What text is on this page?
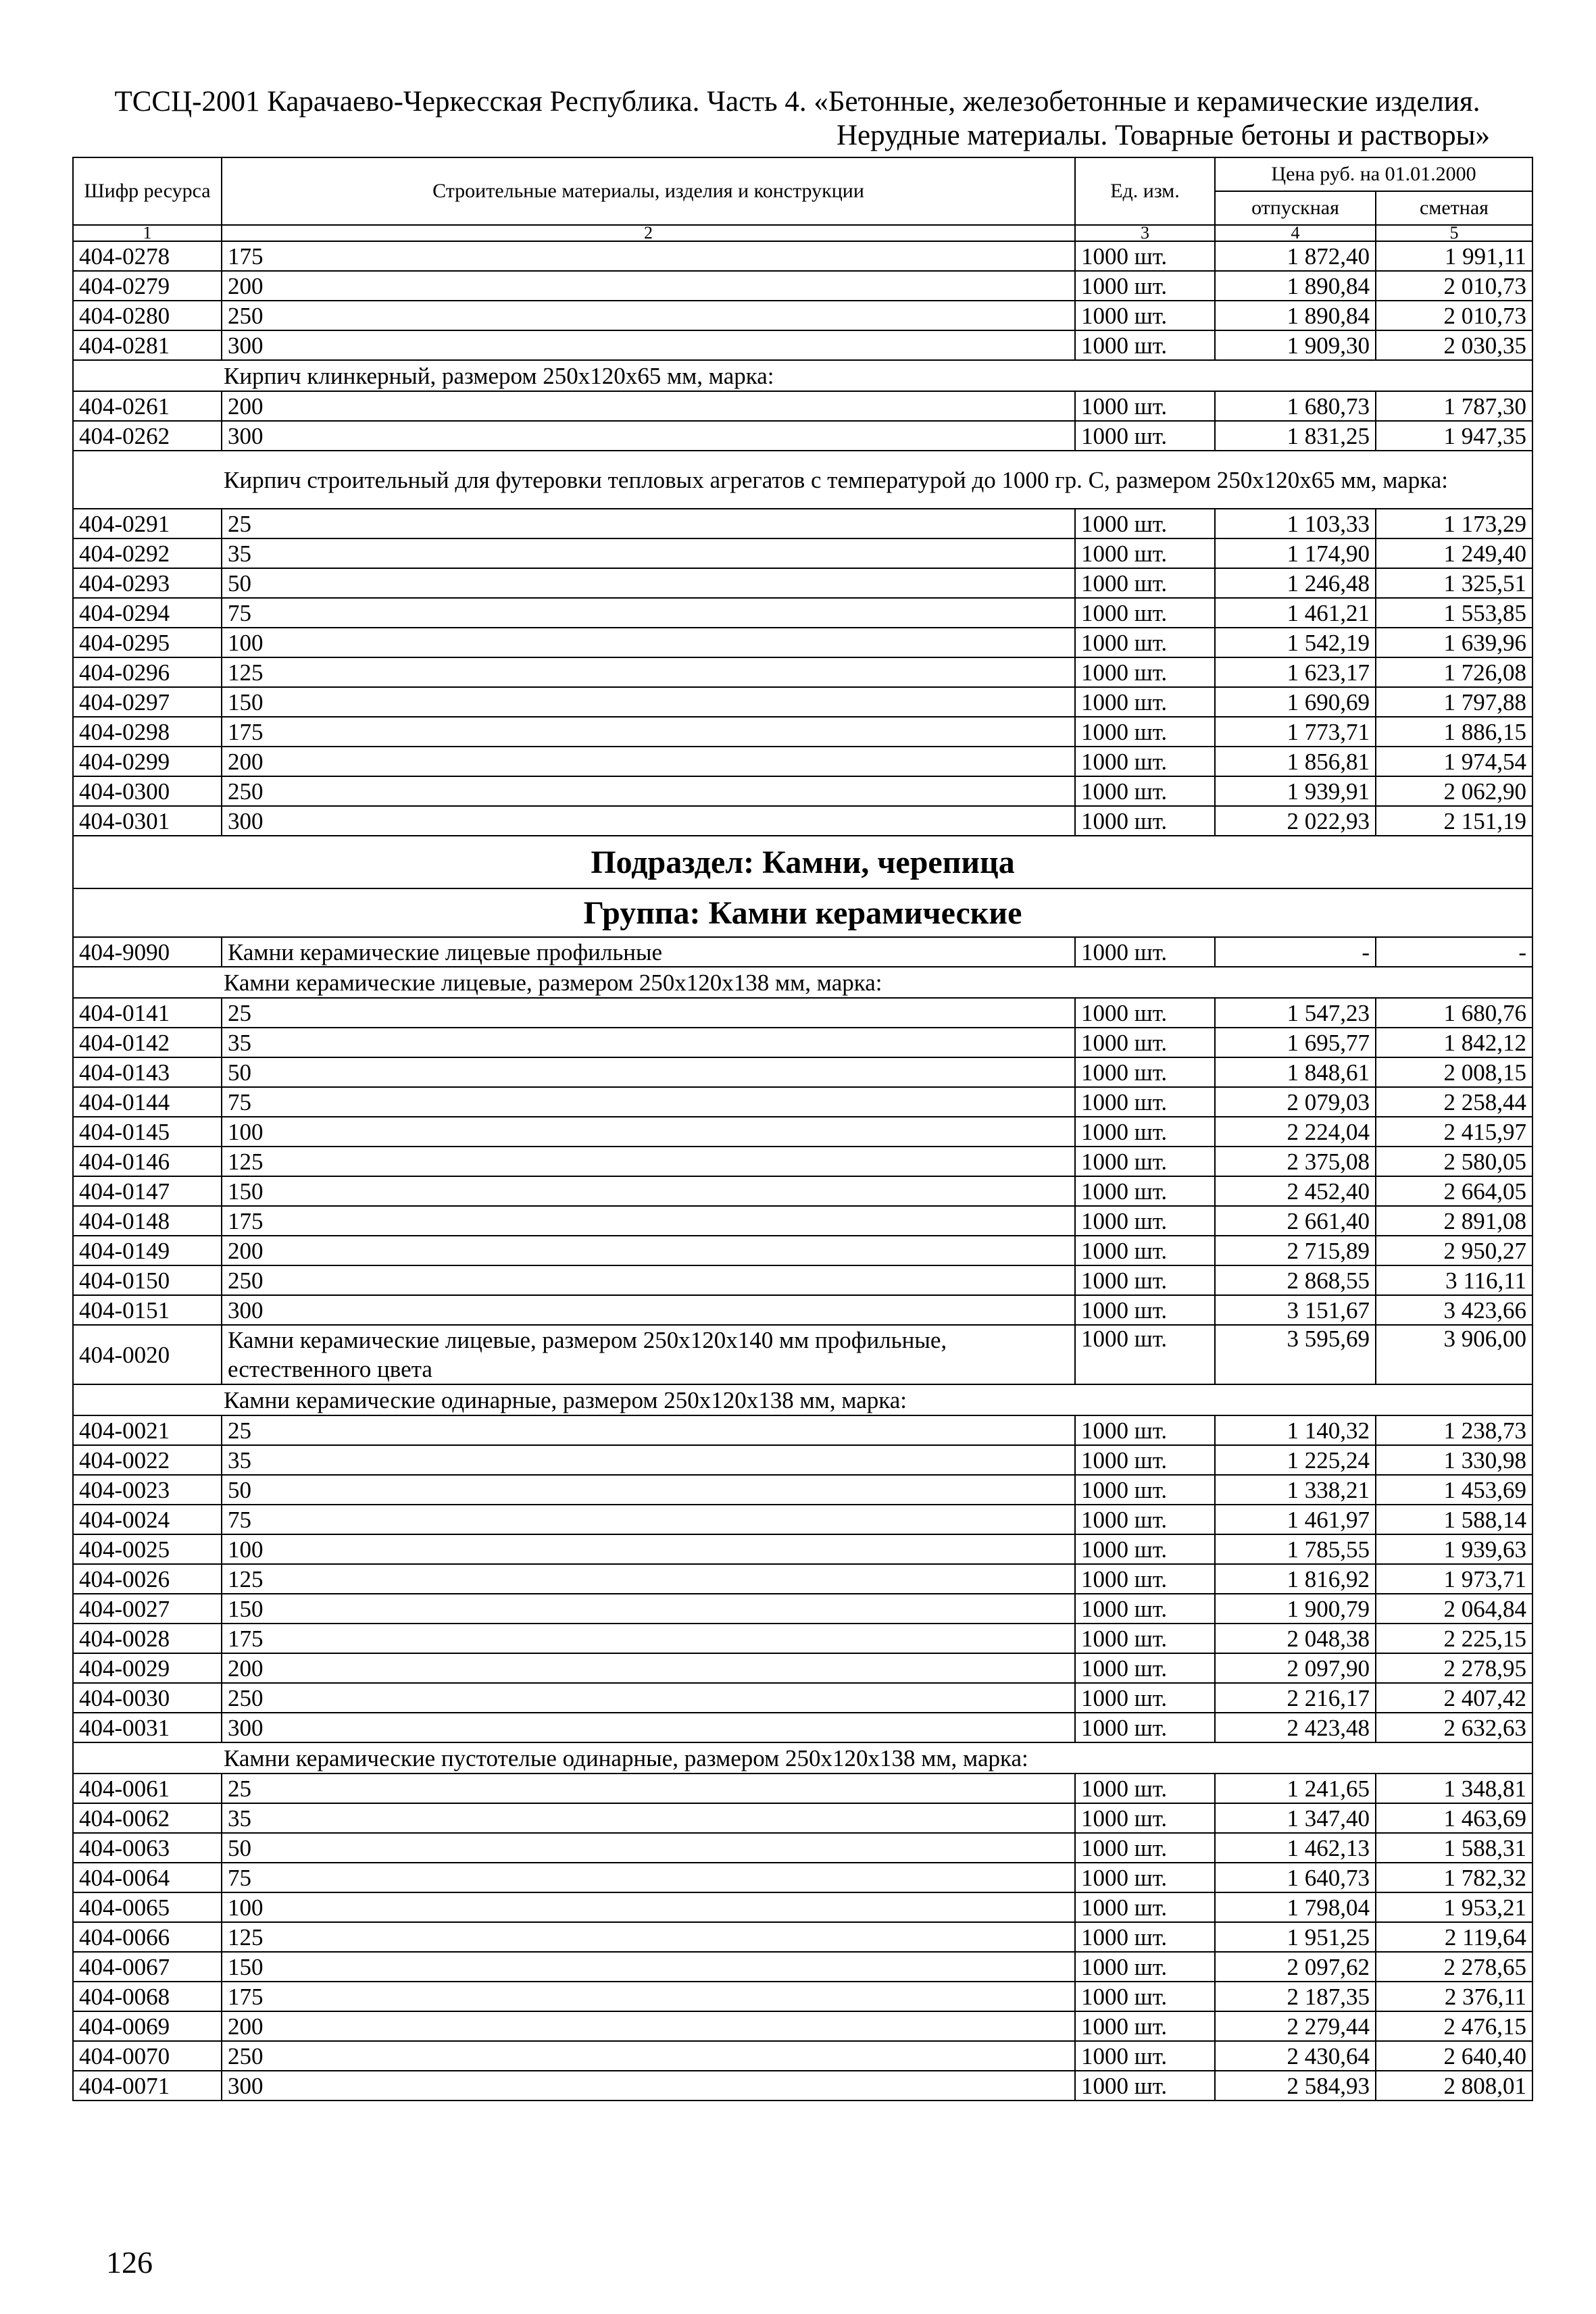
ТССЦ-2001 Карачаево-Черкесская Республика. Часть 4. «Бетонные, железобетонные и керамические изделия.
Нерудные материалы. Товарные бетоны и растворы»
Шифр ресурса	Строительные материалы, изделия и конструкции	Ед. изм.	Цена руб. на 01.01.2000	
			отпускная	сметная
1	2	3	4	5
404-0278	175	1000 шт.	1 872,40	1 991,11
404-0279	200	1000 шт.	1 890,84	2 010,73
404-0280	250	1000 шт.	1 890,84	2 010,73
404-0281	300	1000 шт.	1 909,30	2 030,35
Кирпич клинкерный, размером 250х120х65 мм, марка:				
404-0261	200	1000 шт.	1 680,73	1 787,30
404-0262	300	1000 шт.	1 831,25	1 947,35
Кирпич строительный для футеровки тепловых агрегатов с температурой до 1000 гр. С, размером 250х120х65 мм, марка:				
404-0291	25	1000 шт.	1 103,33	1 173,29
404-0292	35	1000 шт.	1 174,90	1 249,40
404-0293	50	1000 шт.	1 246,48	1 325,51
404-0294	75	1000 шт.	1 461,21	1 553,85
404-0295	100	1000 шт.	1 542,19	1 639,96
404-0296	125	1000 шт.	1 623,17	1 726,08
404-0297	150	1000 шт.	1 690,69	1 797,88
404-0298	175	1000 шт.	1 773,71	1 886,15
404-0299	200	1000 шт.	1 856,81	1 974,54
404-0300	250	1000 шт.	1 939,91	2 062,90
404-0301	300	1000 шт.	2 022,93	2 151,19
Подраздел: Камни, черепица				
Группа: Камни керамические				
404-9090	Камни керамические лицевые профильные	1000 шт.	-	-
Камни керамические лицевые, размером 250х120х138 мм, марка:				
404-0141	25	1000 шт.	1 547,23	1 680,76
404-0142	35	1000 шт.	1 695,77	1 842,12
404-0143	50	1000 шт.	1 848,61	2 008,15
404-0144	75	1000 шт.	2 079,03	2 258,44
404-0145	100	1000 шт.	2 224,04	2 415,97
404-0146	125	1000 шт.	2 375,08	2 580,05
404-0147	150	1000 шт.	2 452,40	2 664,05
404-0148	175	1000 шт.	2 661,40	2 891,08
404-0149	200	1000 шт.	2 715,89	2 950,27
404-0150	250	1000 шт.	2 868,55	3 116,11
404-0151	300	1000 шт.	3 151,67	3 423,66
404-0020	Камни керамические лицевые, размером 250х120х140 мм профильные, естественного цвета	1000 шт.	3 595,69	3 906,00
Камни керамические одинарные, размером 250х120х138 мм, марка:				
404-0021	25	1000 шт.	1 140,32	1 238,73
404-0022	35	1000 шт.	1 225,24	1 330,98
404-0023	50	1000 шт.	1 338,21	1 453,69
404-0024	75	1000 шт.	1 461,97	1 588,14
404-0025	100	1000 шт.	1 785,55	1 939,63
404-0026	125	1000 шт.	1 816,92	1 973,71
404-0027	150	1000 шт.	1 900,79	2 064,84
404-0028	175	1000 шт.	2 048,38	2 225,15
404-0029	200	1000 шт.	2 097,90	2 278,95
404-0030	250	1000 шт.	2 216,17	2 407,42
404-0031	300	1000 шт.	2 423,48	2 632,63
Камни керамические пустотелые одинарные, размером 250х120х138 мм, марка:				
404-0061	25	1000 шт.	1 241,65	1 348,81
404-0062	35	1000 шт.	1 347,40	1 463,69
404-0063	50	1000 шт.	1 462,13	1 588,31
404-0064	75	1000 шт.	1 640,73	1 782,32
404-0065	100	1000 шт.	1 798,04	1 953,21
404-0066	125	1000 шт.	1 951,25	2 119,64
404-0067	150	1000 шт.	2 097,62	2 278,65
404-0068	175	1000 шт.	2 187,35	2 376,11
404-0069	200	1000 шт.	2 279,44	2 476,15
404-0070	250	1000 шт.	2 430,64	2 640,40
404-0071	300	1000 шт.	2 584,93	2 808,01
126
